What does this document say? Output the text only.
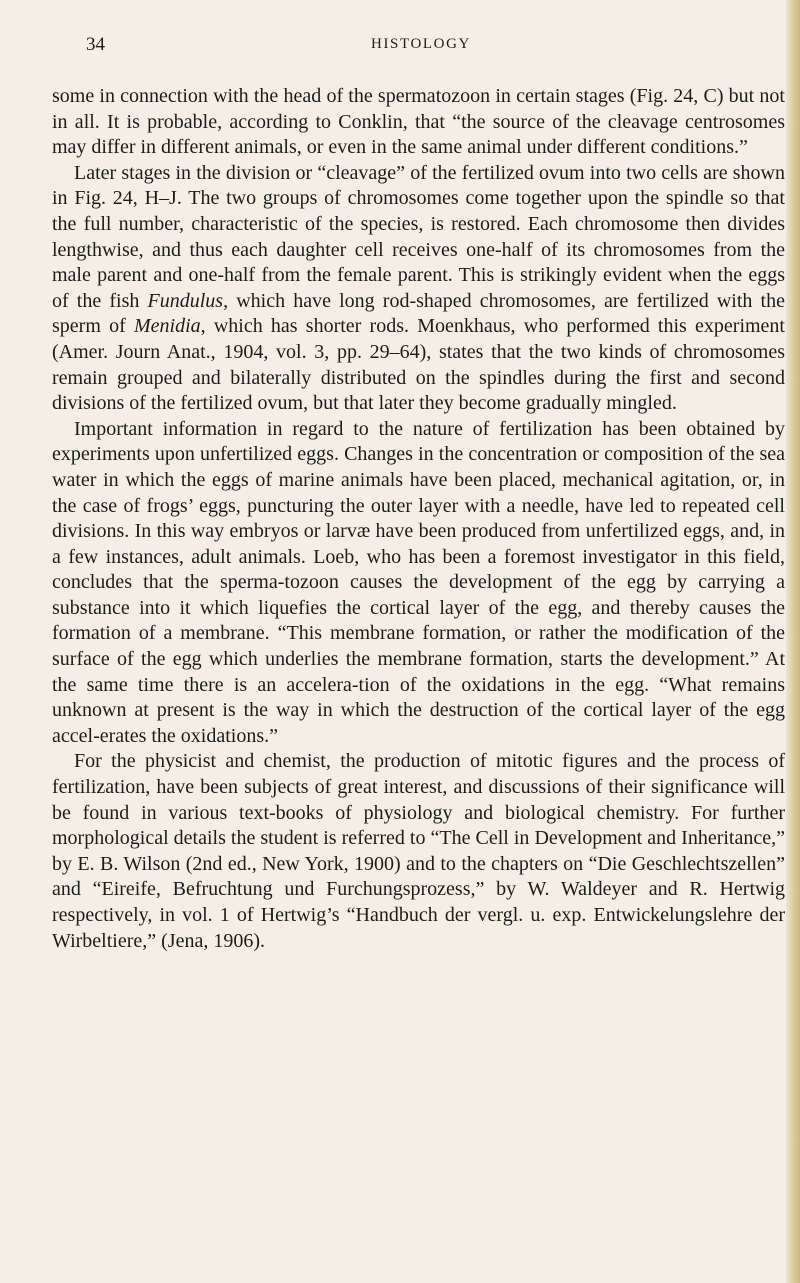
34	HISTOLOGY

some in connection with the head of the spermatozoon in certain stages (Fig. 24, C) but not in all. It is probable, according to Conklin, that “the source of the cleavage centrosomes may differ in different animals, or even in the same animal under different conditions.”

Later stages in the division or “cleavage” of the fertilized ovum into two cells are shown in Fig. 24, H–J. The two groups of chromosomes come together upon the spindle so that the full number, characteristic of the species, is restored. Each chromosome then divides lengthwise, and thus each daughter cell receives one-half of its chromosomes from the male parent and one-half from the female parent. This is strikingly evident when the eggs of the fish Fundulus, which have long rod-shaped chromosomes, are fertilized with the sperm of Menidia, which has shorter rods. Moenkhaus, who performed this experiment (Amer. Journ Anat., 1904, vol. 3, pp. 29–64), states that the two kinds of chromosomes remain grouped and bilaterally distributed on the spindles during the first and second divisions of the fertilized ovum, but that later they become gradually mingled.

Important information in regard to the nature of fertilization has been obtained by experiments upon unfertilized eggs. Changes in the concentration or composition of the sea water in which the eggs of marine animals have been placed, mechanical agitation, or, in the case of frogs’ eggs, puncturing the outer layer with a needle, have led to repeated cell divisions. In this way embryos or larvæ have been produced from unfertilized eggs, and, in a few instances, adult animals. Loeb, who has been a foremost investigator in this field, concludes that the sperma-tozoon causes the development of the egg by carrying a substance into it which liquefies the cortical layer of the egg, and thereby causes the formation of a membrane. “This membrane formation, or rather the modification of the surface of the egg which underlies the membrane formation, starts the development.” At the same time there is an accelera-tion of the oxidations in the egg. “What remains unknown at present is the way in which the destruction of the cortical layer of the egg accel-erates the oxidations.”

For the physicist and chemist, the production of mitotic figures and the process of fertilization, have been subjects of great interest, and discussions of their significance will be found in various text-books of physiology and biological chemistry. For further morphological details the student is referred to “The Cell in Development and Inheritance,” by E. B. Wilson (2nd ed., New York, 1900) and to the chapters on “Die Geschlechtszellen” and “Eireife, Befruchtung und Furchungsprozess,” by W. Waldeyer and R. Hertwig respectively, in vol. 1 of Hertwig’s “Handbuch der vergl. u. exp. Entwickelungslehre der Wirbeltiere,” (Jena, 1906).
